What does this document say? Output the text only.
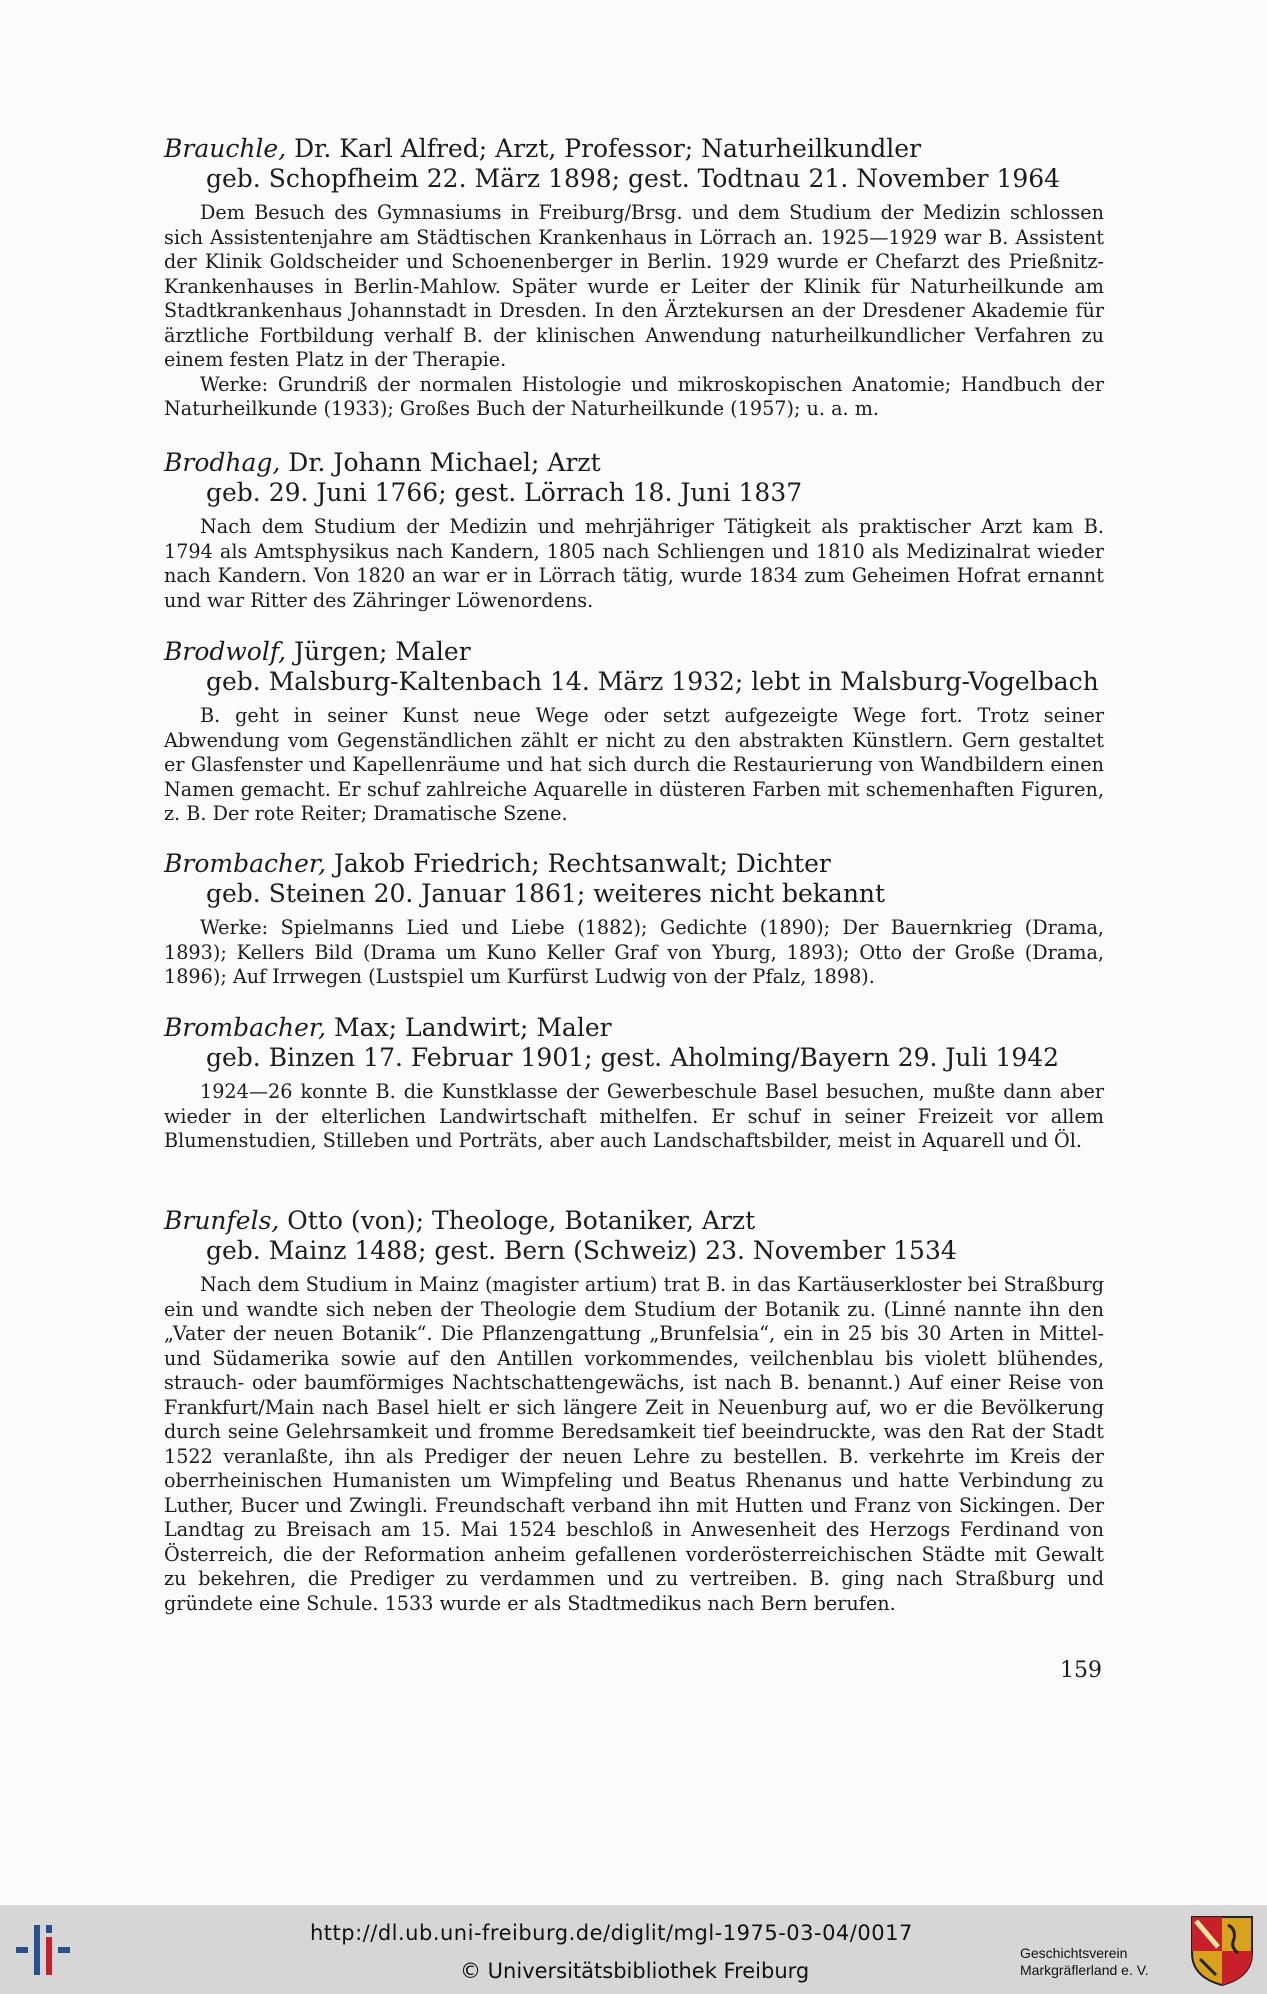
Brauchle, Dr. Karl Alfred; Arzt, Professor; Naturheilkundler
geb. Schopfheim 22. März 1898; gest. Todtnau 21. November 1964

Dem Besuch des Gymnasiums in Freiburg/Brsg. und dem Studium der Medizin schlossen sich Assistentenjahre am Städtischen Krankenhaus in Lörrach an. 1925—1929 war B. Assistent der Klinik Goldscheider und Schoenenberger in Berlin. 1929 wurde er Chefarzt des Prießnitz-Krankenhauses in Berlin-Mahlow. Später wurde er Leiter der Klinik für Naturheilkunde am Stadtkrankenhaus Johannstadt in Dresden. In den Ärztekursen an der Dresdener Akademie für ärztliche Fortbildung verhalf B. der klinischen Anwendung naturheilkundlicher Verfahren zu einem festen Platz in der Therapie.

Werke: Grundriß der normalen Histologie und mikroskopischen Anatomie; Handbuch der Naturheilkunde (1933); Großes Buch der Naturheilkunde (1957); u. a. m.

Brodhag, Dr. Johann Michael; Arzt
geb. 29. Juni 1766; gest. Lörrach 18. Juni 1837

Nach dem Studium der Medizin und mehrjähriger Tätigkeit als praktischer Arzt kam B. 1794 als Amtsphysikus nach Kandern, 1805 nach Schliengen und 1810 als Medizinalrat wieder nach Kandern. Von 1820 an war er in Lörrach tätig, wurde 1834 zum Geheimen Hofrat ernannt und war Ritter des Zähringer Löwenordens.

Brodwolf, Jürgen; Maler
geb. Malsburg-Kaltenbach 14. März 1932; lebt in Malsburg-Vogelbach

B. geht in seiner Kunst neue Wege oder setzt aufgezeigte Wege fort. Trotz seiner Abwendung vom Gegenständlichen zählt er nicht zu den abstrakten Künstlern. Gern gestaltet er Glasfenster und Kapellenräume und hat sich durch die Restaurierung von Wandbildern einen Namen gemacht. Er schuf zahlreiche Aquarelle in düsteren Farben mit schemenhaften Figuren, z. B. Der rote Reiter; Dramatische Szene.

Brombacher, Jakob Friedrich; Rechtsanwalt; Dichter
geb. Steinen 20. Januar 1861; weiteres nicht bekannt

Werke: Spielmanns Lied und Liebe (1882); Gedichte (1890); Der Bauernkrieg (Drama, 1893); Kellers Bild (Drama um Kuno Keller Graf von Yburg, 1893); Otto der Große (Drama, 1896); Auf Irrwegen (Lustspiel um Kurfürst Ludwig von der Pfalz, 1898).

Brombacher, Max; Landwirt; Maler
geb. Binzen 17. Februar 1901; gest. Aholming/Bayern 29. Juli 1942

1924—26 konnte B. die Kunstklasse der Gewerbeschule Basel besuchen, mußte dann aber wieder in der elterlichen Landwirtschaft mithelfen. Er schuf in seiner Freizeit vor allem Blumenstudien, Stilleben und Porträts, aber auch Landschaftsbilder, meist in Aquarell und Öl.

Brunfels, Otto (von); Theologe, Botaniker, Arzt
geb. Mainz 1488; gest. Bern (Schweiz) 23. November 1534

Nach dem Studium in Mainz (magister artium) trat B. in das Kartäuserkloster bei Straßburg ein und wandte sich neben der Theologie dem Studium der Botanik zu. (Linné nannte ihn den „Vater der neuen Botanik“. Die Pflanzengattung „Brunfelsia“, ein in 25 bis 30 Arten in Mittel- und Südamerika sowie auf den Antillen vorkommendes, veilchenblau bis violett blühendes, strauch- oder baumförmiges Nachtschattengewächs, ist nach B. benannt.) Auf einer Reise von Frankfurt/Main nach Basel hielt er sich längere Zeit in Neuenburg auf, wo er die Bevölkerung durch seine Gelehrsamkeit und fromme Beredsamkeit tief beeindruckte, was den Rat der Stadt 1522 veranlaßte, ihn als Prediger der neuen Lehre zu bestellen. B. verkehrte im Kreis der oberrheinischen Humanisten um Wimpfeling und Beatus Rhenanus und hatte Verbindung zu Luther, Bucer und Zwingli. Freundschaft verband ihn mit Hutten und Franz von Sickingen. Der Landtag zu Breisach am 15. Mai 1524 beschloß in Anwesenheit des Herzogs Ferdinand von Österreich, die der Reformation anheim gefallenen vorderösterreichischen Städte mit Gewalt zu bekehren, die Prediger zu verdammen und zu vertreiben. B. ging nach Straßburg und gründete eine Schule. 1533 wurde er als Stadtmedikus nach Bern berufen.

159
http://dl.ub.uni-freiburg.de/diglit/mgl-1975-03-04/0017
© Universitätsbibliothek Freiburg
Geschichtsverein
Markgräflerland e. V.
